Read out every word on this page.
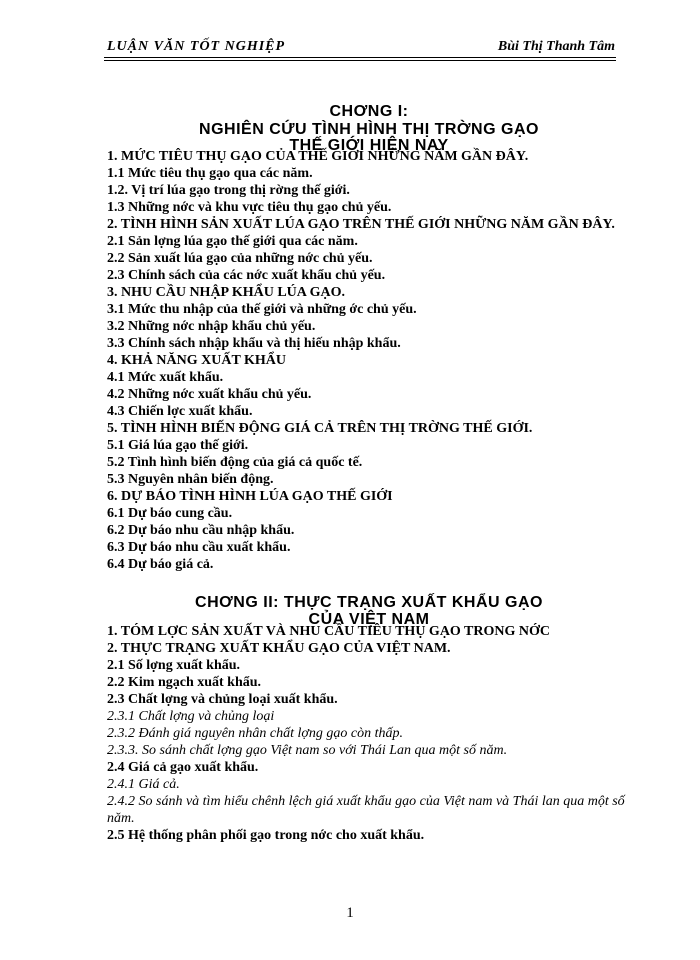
LUẬN VĂN TỐT NGHIỆP	Bùi Thị Thanh Tâm
CHƠNG I:
NGHIÊN CỨU TÌNH HÌNH THỊ TRỜNG GẠO
THẾ GIỚI HIỆN NAY
1. MỨC TIÊU THỤ GẠO CỦA THẾ GIỚI NHỮNG NĂM GẦN ĐÂY.
1.1 Mức tiêu thụ gạo qua các năm.
1.2. Vị trí lúa gạo trong thị rờng thế giới.
1.3 Những nớc và khu vực tiêu thụ gạo chủ yếu.
2. TÌNH HÌNH SẢN XUẤT LÚA GẠO TRÊN THẾ GIỚI NHỮNG NĂM GẦN ĐÂY.
2.1 Sản lợng lúa gạo thế giới qua các năm.
2.2 Sản xuất lúa gạo của những nớc chủ yếu.
2.3 Chính sách của các nớc xuất khẩu chủ yếu.
3. NHU CẦU NHẬP KHẨU LÚA GẠO.
3.1 Mức thu nhập của thế giới và những ớc chủ yếu.
3.2 Những nớc nhập khẩu chủ yếu.
3.3 Chính sách nhập khẩu và thị hiếu nhập khẩu.
4. KHẢ NĂNG XUẤT KHẨU
4.1 Mức xuất khẩu.
4.2 Những nớc xuất khẩu chủ yếu.
4.3 Chiến lợc xuất khẩu.
5. TÌNH HÌNH BIẾN ĐỘNG GIÁ CẢ TRÊN THỊ TRỜNG THẾ GIỚI.
5.1 Giá lúa gạo thế giới.
5.2 Tình hình biến động của giá cả quốc tế.
5.3 Nguyên nhân biến động.
6. DỰ BÁO TÌNH HÌNH LÚA GẠO THẾ GIỚI
6.1 Dự báo cung cầu.
6.2 Dự báo nhu cầu nhập khẩu.
6.3 Dự báo nhu cầu xuất khẩu.
6.4 Dự báo giá cả.
CHƠNG II: THỰC TRẠNG XUẤT KHẨU GẠO
CỦA VIỆT NAM
1. TÓM LỢC SẢN XUẤT VÀ NHU CẦU TIÊU THỤ GẠO TRONG NỚC
2. THỰC TRẠNG XUẤT KHẨU GẠO CỦA VIỆT NAM.
2.1 Số lợng xuất khẩu.
2.2 Kim ngạch xuất khẩu.
2.3 Chất lợng và chủng loại xuất khẩu.
2.3.1 Chất lợng và chủng loại
2.3.2 Đánh giá nguyên nhân chất lợng gạo còn thấp.
2.3.3. So sánh chất lợng gạo Việt nam so với Thái Lan qua một số năm.
2.4 Giá cả gạo xuất khẩu.
2.4.1 Giá cả.
2.4.2 So sánh và tìm hiểu chênh lệch giá xuất khẩu gạo của Việt nam và Thái lan qua một số năm.
2.5 Hệ thống phân phối gạo trong nớc cho xuất khẩu.
1
